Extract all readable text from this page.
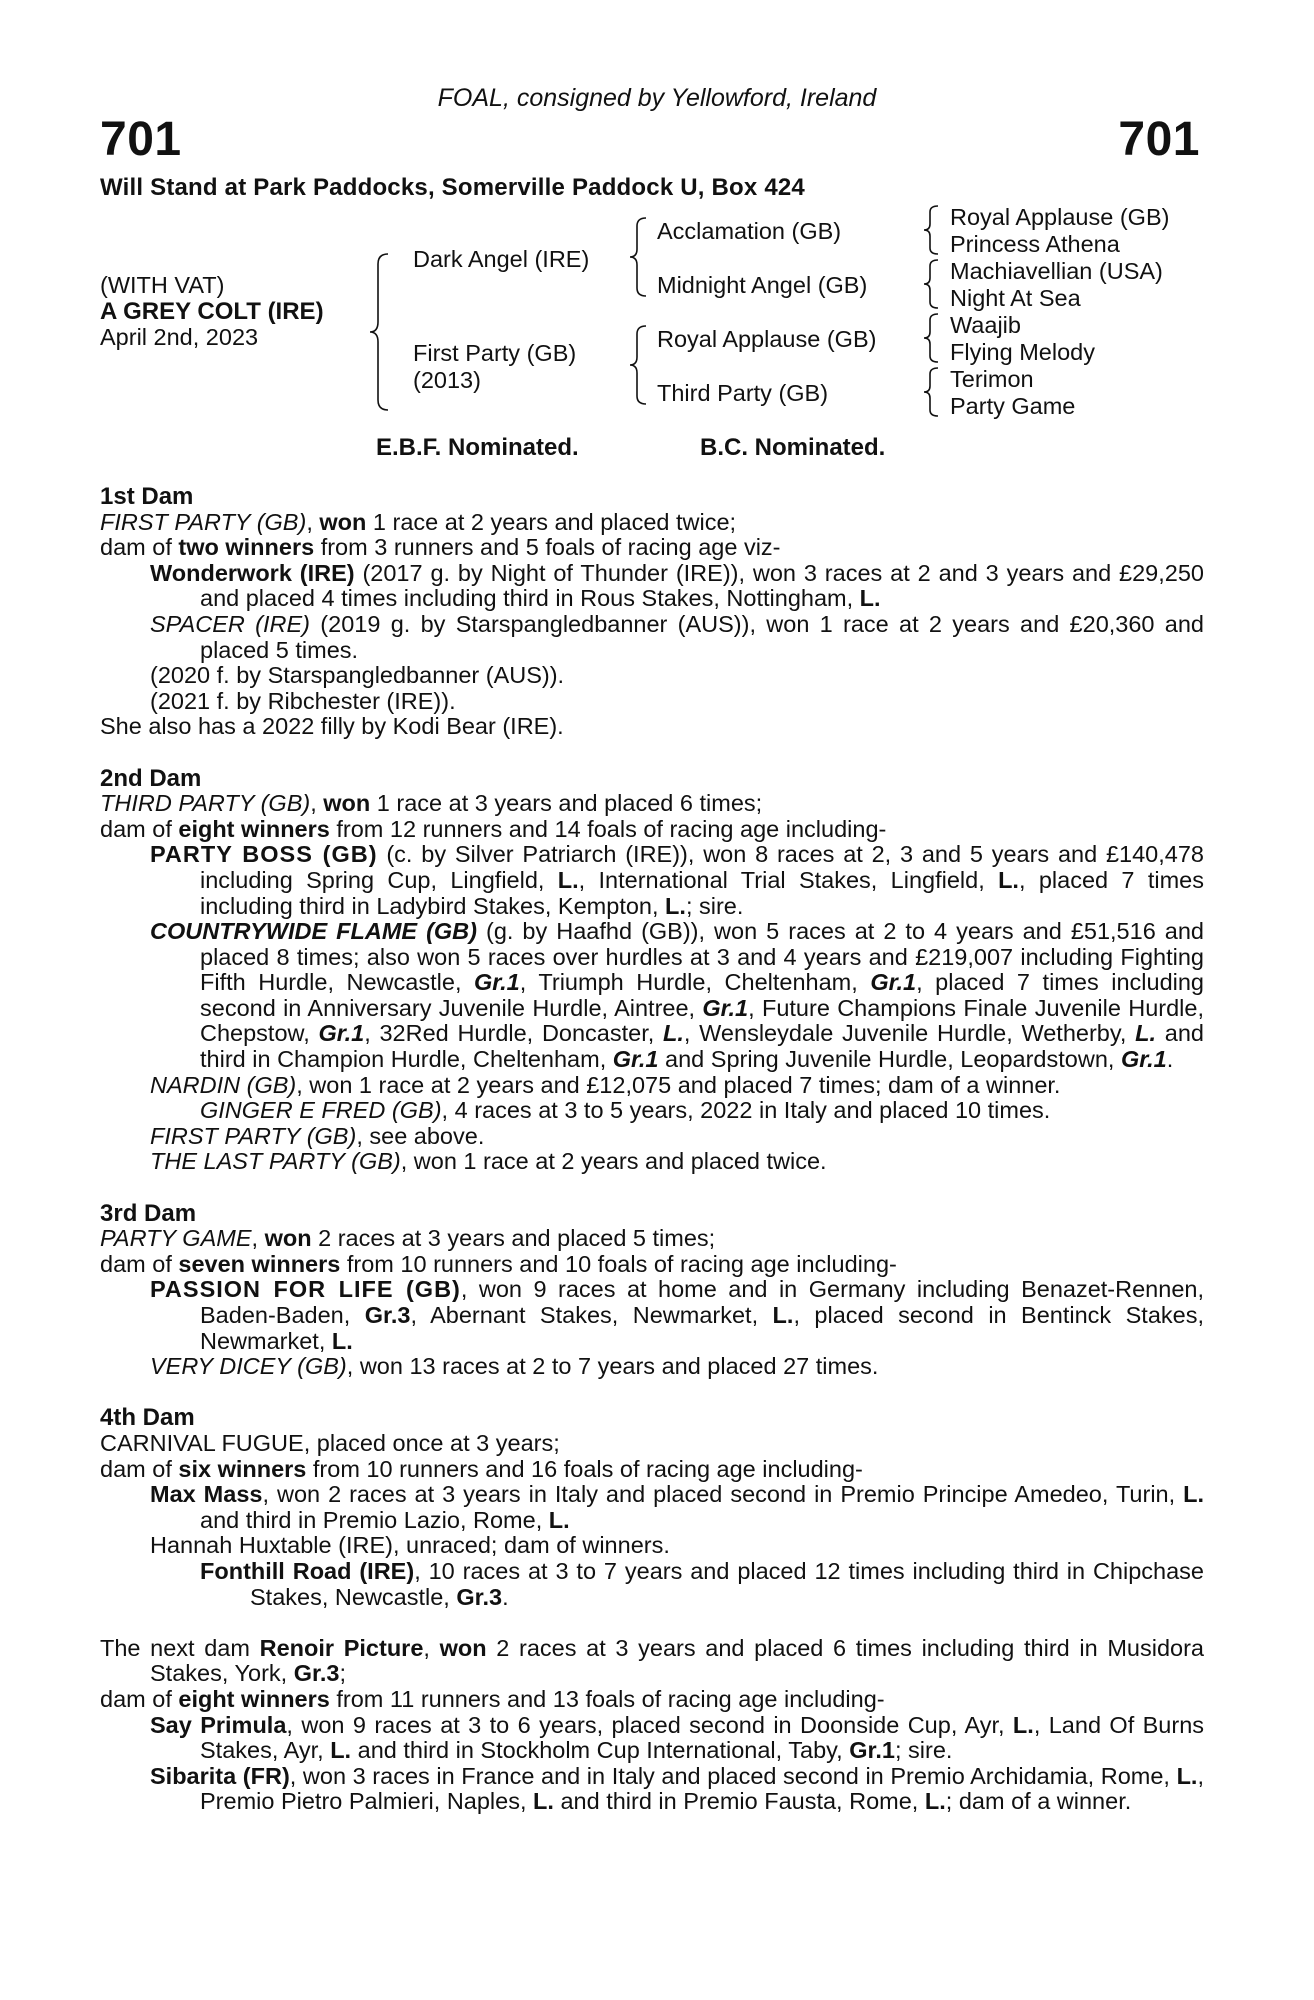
FOAL, consigned by Yellowford, Ireland
701	701
Will Stand at Park Paddocks, Somerville Paddock U, Box 424
(WITH VAT)
A GREY COLT (IRE)
April 2nd, 2023
Dark Angel (IRE)
First Party (GB)
(2013)
Acclamation (GB)
Midnight Angel (GB)
Royal Applause (GB)
Third Party (GB)
Royal Applause (GB)
Princess Athena
Machiavellian (USA)
Night At Sea
Waajib
Flying Melody
Terimon
Party Game
E.B.F. Nominated.	B.C. Nominated.
1st Dam
FIRST PARTY (GB), won 1 race at 2 years and placed twice;
dam of two winners from 3 runners and 5 foals of racing age viz-
Wonderwork (IRE) (2017 g. by Night of Thunder (IRE)), won 3 races at 2 and 3 years and £29,250 and placed 4 times including third in Rous Stakes, Nottingham, L.
SPACER (IRE) (2019 g. by Starspangledbanner (AUS)), won 1 race at 2 years and £20,360 and placed 5 times.
(2020 f. by Starspangledbanner (AUS)).
(2021 f. by Ribchester (IRE)).
She also has a 2022 filly by Kodi Bear (IRE).
2nd Dam
THIRD PARTY (GB), won 1 race at 3 years and placed 6 times;
dam of eight winners from 12 runners and 14 foals of racing age including-
PARTY BOSS (GB) (c. by Silver Patriarch (IRE)), won 8 races at 2, 3 and 5 years and £140,478 including Spring Cup, Lingfield, L., International Trial Stakes, Lingfield, L., placed 7 times including third in Ladybird Stakes, Kempton, L.; sire.
COUNTRYWIDE FLAME (GB) (g. by Haafhd (GB)), won 5 races at 2 to 4 years and £51,516 and placed 8 times; also won 5 races over hurdles at 3 and 4 years and £219,007 including Fighting Fifth Hurdle, Newcastle, Gr.1, Triumph Hurdle, Cheltenham, Gr.1, placed 7 times including second in Anniversary Juvenile Hurdle, Aintree, Gr.1, Future Champions Finale Juvenile Hurdle, Chepstow, Gr.1, 32Red Hurdle, Doncaster, L., Wensleydale Juvenile Hurdle, Wetherby, L. and third in Champion Hurdle, Cheltenham, Gr.1 and Spring Juvenile Hurdle, Leopardstown, Gr.1.
NARDIN (GB), won 1 race at 2 years and £12,075 and placed 7 times; dam of a winner.
GINGER E FRED (GB), 4 races at 3 to 5 years, 2022 in Italy and placed 10 times.
FIRST PARTY (GB), see above.
THE LAST PARTY (GB), won 1 race at 2 years and placed twice.
3rd Dam
PARTY GAME, won 2 races at 3 years and placed 5 times;
dam of seven winners from 10 runners and 10 foals of racing age including-
PASSION FOR LIFE (GB), won 9 races at home and in Germany including Benazet-Rennen, Baden-Baden, Gr.3, Abernant Stakes, Newmarket, L., placed second in Bentinck Stakes, Newmarket, L.
VERY DICEY (GB), won 13 races at 2 to 7 years and placed 27 times.
4th Dam
CARNIVAL FUGUE, placed once at 3 years;
dam of six winners from 10 runners and 16 foals of racing age including-
Max Mass, won 2 races at 3 years in Italy and placed second in Premio Principe Amedeo, Turin, L. and third in Premio Lazio, Rome, L.
Hannah Huxtable (IRE), unraced; dam of winners.
Fonthill Road (IRE), 10 races at 3 to 7 years and placed 12 times including third in Chipchase Stakes, Newcastle, Gr.3.
The next dam Renoir Picture, won 2 races at 3 years and placed 6 times including third in Musidora Stakes, York, Gr.3;
dam of eight winners from 11 runners and 13 foals of racing age including-
Say Primula, won 9 races at 3 to 6 years, placed second in Doonside Cup, Ayr, L., Land Of Burns Stakes, Ayr, L. and third in Stockholm Cup International, Taby, Gr.1; sire.
Sibarita (FR), won 3 races in France and in Italy and placed second in Premio Archidamia, Rome, L., Premio Pietro Palmieri, Naples, L. and third in Premio Fausta, Rome, L.; dam of a winner.
